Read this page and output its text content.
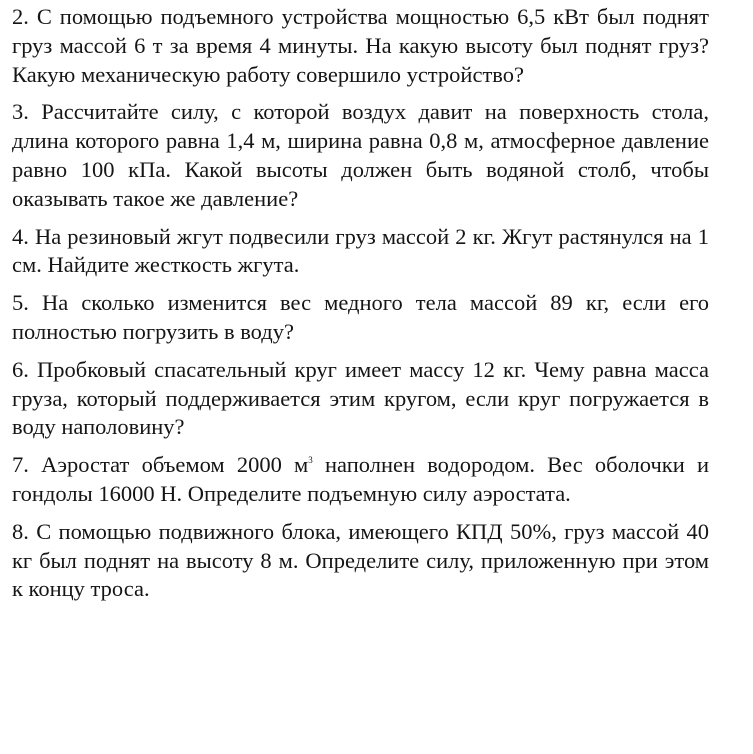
2. С помощью подъемного устройства мощностью 6,5 кВт был поднят груз массой 6 т за время 4 минуты. На какую высоту был поднят груз? Какую механическую работу совершило устройство?

3. Рассчитайте силу, с которой воздух давит на поверхность стола, длина которого равна 1,4 м, ширина равна 0,8 м, атмосферное давление равно 100 кПа. Какой высоты должен быть водяной столб, чтобы оказывать такое же давление?

4. На резиновый жгут подвесили груз массой 2 кг. Жгут растянулся на 1 см. Найдите жесткость жгута.

5. На сколько изменится вес медного тела массой 89 кг, если его полностью погрузить в воду?

6. Пробковый спасательный круг имеет массу 12 кг. Чему равна масса груза, который поддерживается этим кругом, если круг погружается в воду наполовину?

7. Аэростат объемом 2000 $м^3$ наполнен водородом. Вес оболочки и гондолы 16000 Н. Определите подъемную силу аэростата.

8. С помощью подвижного блока, имеющего КПД 50%, груз массой 40 кг был поднят на высоту 8 м. Определите силу, приложенную при этом к концу троса.
